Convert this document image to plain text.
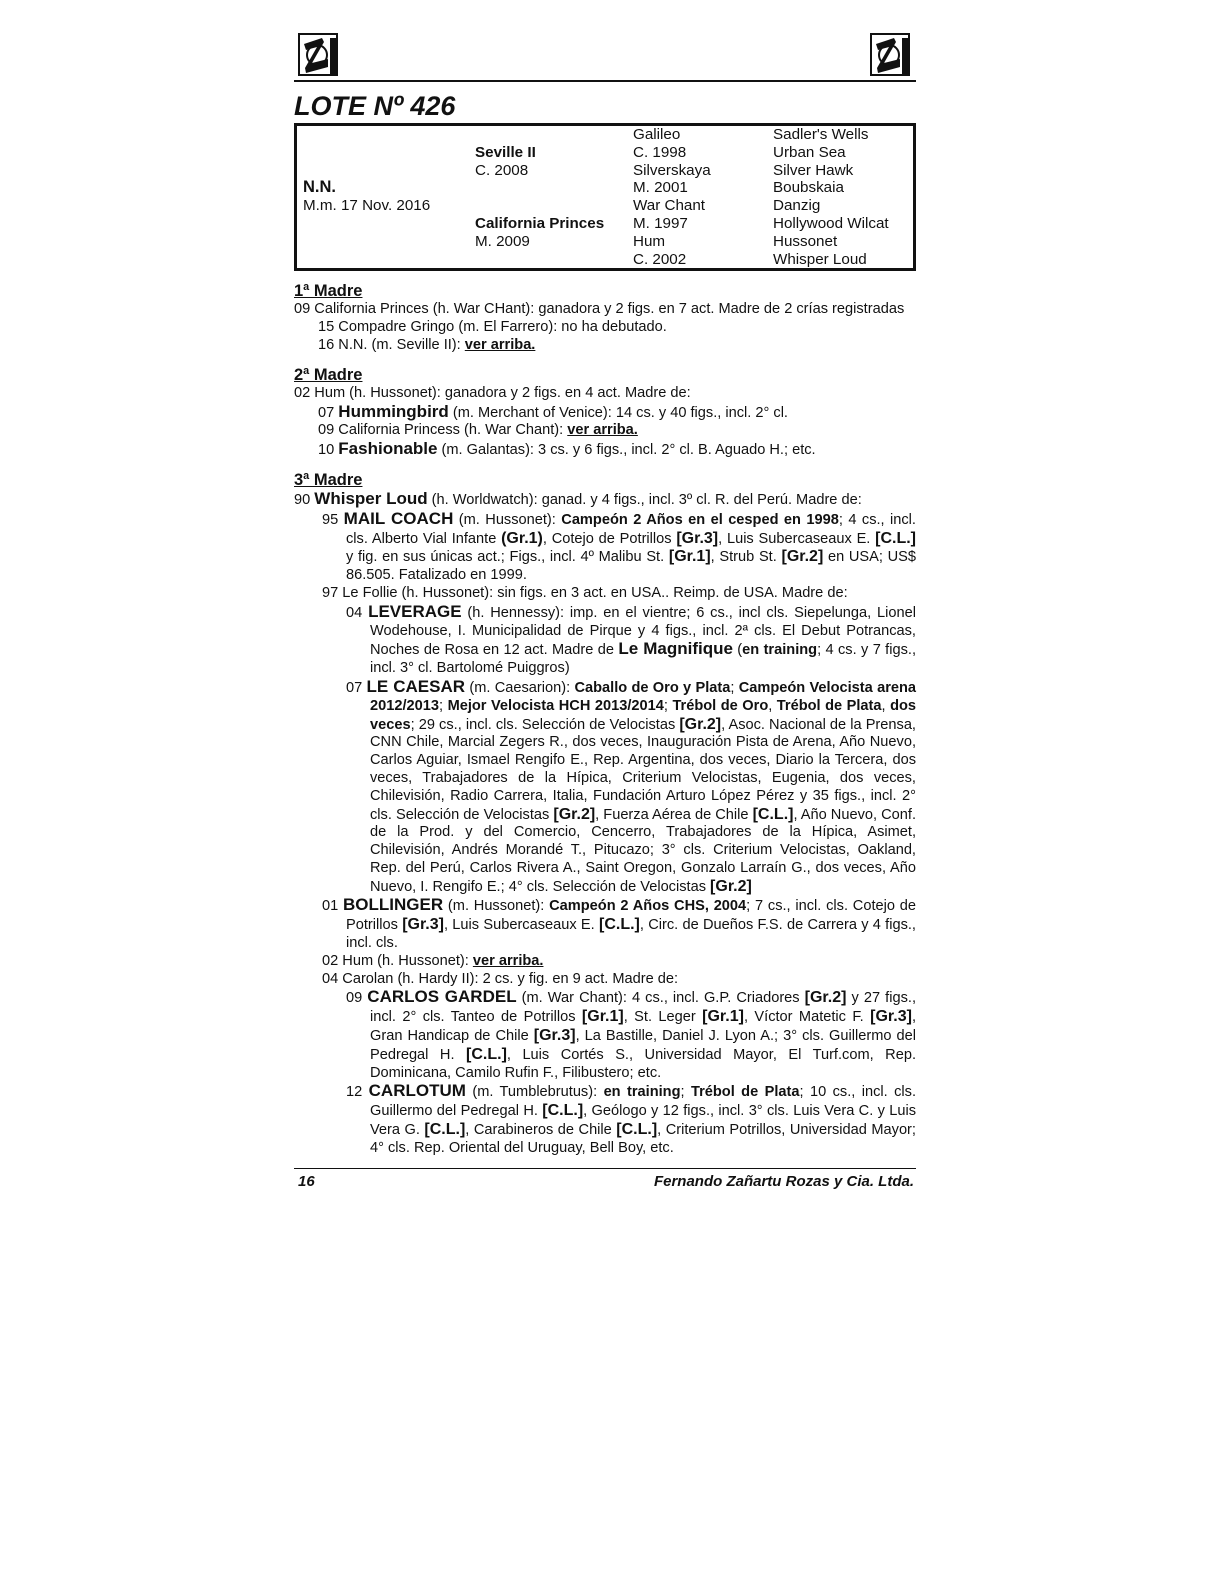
LOTE Nº 426
		Galileo	Sadler's Wells
	Seville II	C. 1998	Urban Sea
	C. 2008	Silverskaya	Silver Hawk
N.N.		M. 2001	Boubskaia
M.m. 17 Nov. 2016		War Chant	Danzig
	California Princes	M. 1997	Hollywood Wilcat
	M. 2009	Hum	Hussonet
		C. 2002	Whisper Loud
1ª Madre
09 California Princes (h. War CHant): ganadora y 2 figs. en 7 act. Madre de 2 crías registradas
15 Compadre Gringo (m. El Farrero): no ha debutado.
16 N.N. (m. Seville II): ver arriba.
2ª Madre
02 Hum (h. Hussonet): ganadora y 2 figs. en 4 act. Madre de:
07 Hummingbird (m. Merchant of Venice): 14 cs. y 40 figs., incl. 2° cl.
09 California Princess (h. War Chant): ver arriba.
10 Fashionable (m. Galantas): 3 cs. y 6 figs., incl. 2° cl. B. Aguado H.; etc.
3ª Madre
90 Whisper Loud (h. Worldwatch): ganad. y 4 figs., incl. 3º cl. R. del Perú. Madre de:
95 MAIL COACH (m. Hussonet): Campeón 2 Años en el cesped en 1998; 4 cs., incl. cls. Alberto Vial Infante (Gr.1), Cotejo de Potrillos [Gr.3], Luis Subercaseaux E. [C.L.] y fig. en sus únicas act.; Figs., incl. 4º Malibu St. [Gr.1], Strub St. [Gr.2] en USA; US$ 86.505. Fatalizado en 1999.
97 Le Follie (h. Hussonet): sin figs. en 3 act. en USA.. Reimp. de USA. Madre de:
04 LEVERAGE (h. Hennessy): imp. en el vientre; 6 cs., incl cls. Siepelunga, Lionel Wodehouse, I. Municipalidad de Pirque y 4 figs., incl. 2ª cls. El Debut Potrancas, Noches de Rosa en 12 act. Madre de Le Magnifique (en training; 4 cs. y 7 figs., incl. 3° cl. Bartolomé Puiggros)
07 LE CAESAR (m. Caesarion): Caballo de Oro y Plata; Campeón Velocista arena 2012/2013; Mejor Velocista HCH 2013/2014; Trébol de Oro, Trébol de Plata, dos veces; 29 cs., incl. cls. Selección de Velocistas [Gr.2], Asoc. Nacional de la Prensa, CNN Chile, Marcial Zegers R., dos veces, Inauguración Pista de Arena, Año Nuevo, Carlos Aguiar, Ismael Rengifo E., Rep. Argentina, dos veces, Diario la Tercera, dos veces, Trabajadores de la Hípica, Criterium Velocistas, Eugenia, dos veces, Chilevisión, Radio Carrera, Italia, Fundación Arturo López Pérez y 35 figs., incl. 2° cls. Selección de Velocistas [Gr.2], Fuerza Aérea de Chile [C.L.], Año Nuevo, Conf. de la Prod. y del Comercio, Cencerro, Trabajadores de la Hípica, Asimet, Chilevisión, Andrés Morandé T., Pitucazo; 3° cls. Criterium Velocistas, Oakland, Rep. del Perú, Carlos Rivera A., Saint Oregon, Gonzalo Larraín G., dos veces, Año Nuevo, I. Rengifo E.; 4° cls. Selección de Velocistas [Gr.2]
01 BOLLINGER (m. Hussonet): Campeón 2 Años CHS, 2004; 7 cs., incl. cls. Cotejo de Potrillos [Gr.3], Luis Subercaseaux E. [C.L.], Circ. de Dueños F.S. de Carrera y 4 figs., incl. cls.
02 Hum (h. Hussonet): ver arriba.
04 Carolan (h. Hardy II): 2 cs. y fig. en 9 act. Madre de:
09 CARLOS GARDEL (m. War Chant): 4 cs., incl. G.P. Criadores [Gr.2] y 27 figs., incl. 2° cls. Tanteo de Potrillos [Gr.1], St. Leger [Gr.1], Víctor Matetic F. [Gr.3], Gran Handicap de Chile [Gr.3], La Bastille, Daniel J. Lyon A.; 3° cls. Guillermo del Pedregal H. [C.L.], Luis Cortés S., Universidad Mayor, El Turf.com, Rep. Dominicana, Camilo Rufin F., Filibustero; etc.
12 CARLOTUM (m. Tumblebrutus): en training; Trébol de Plata; 10 cs., incl. cls. Guillermo del Pedregal H. [C.L.], Geólogo y 12 figs., incl. 3° cls. Luis Vera C. y Luis Vera G. [C.L.], Carabineros de Chile [C.L.], Criterium Potrillos, Universidad Mayor; 4° cls. Rep. Oriental del Uruguay, Bell Boy, etc.
16	Fernando Zañartu Rozas y Cia. Ltda.
